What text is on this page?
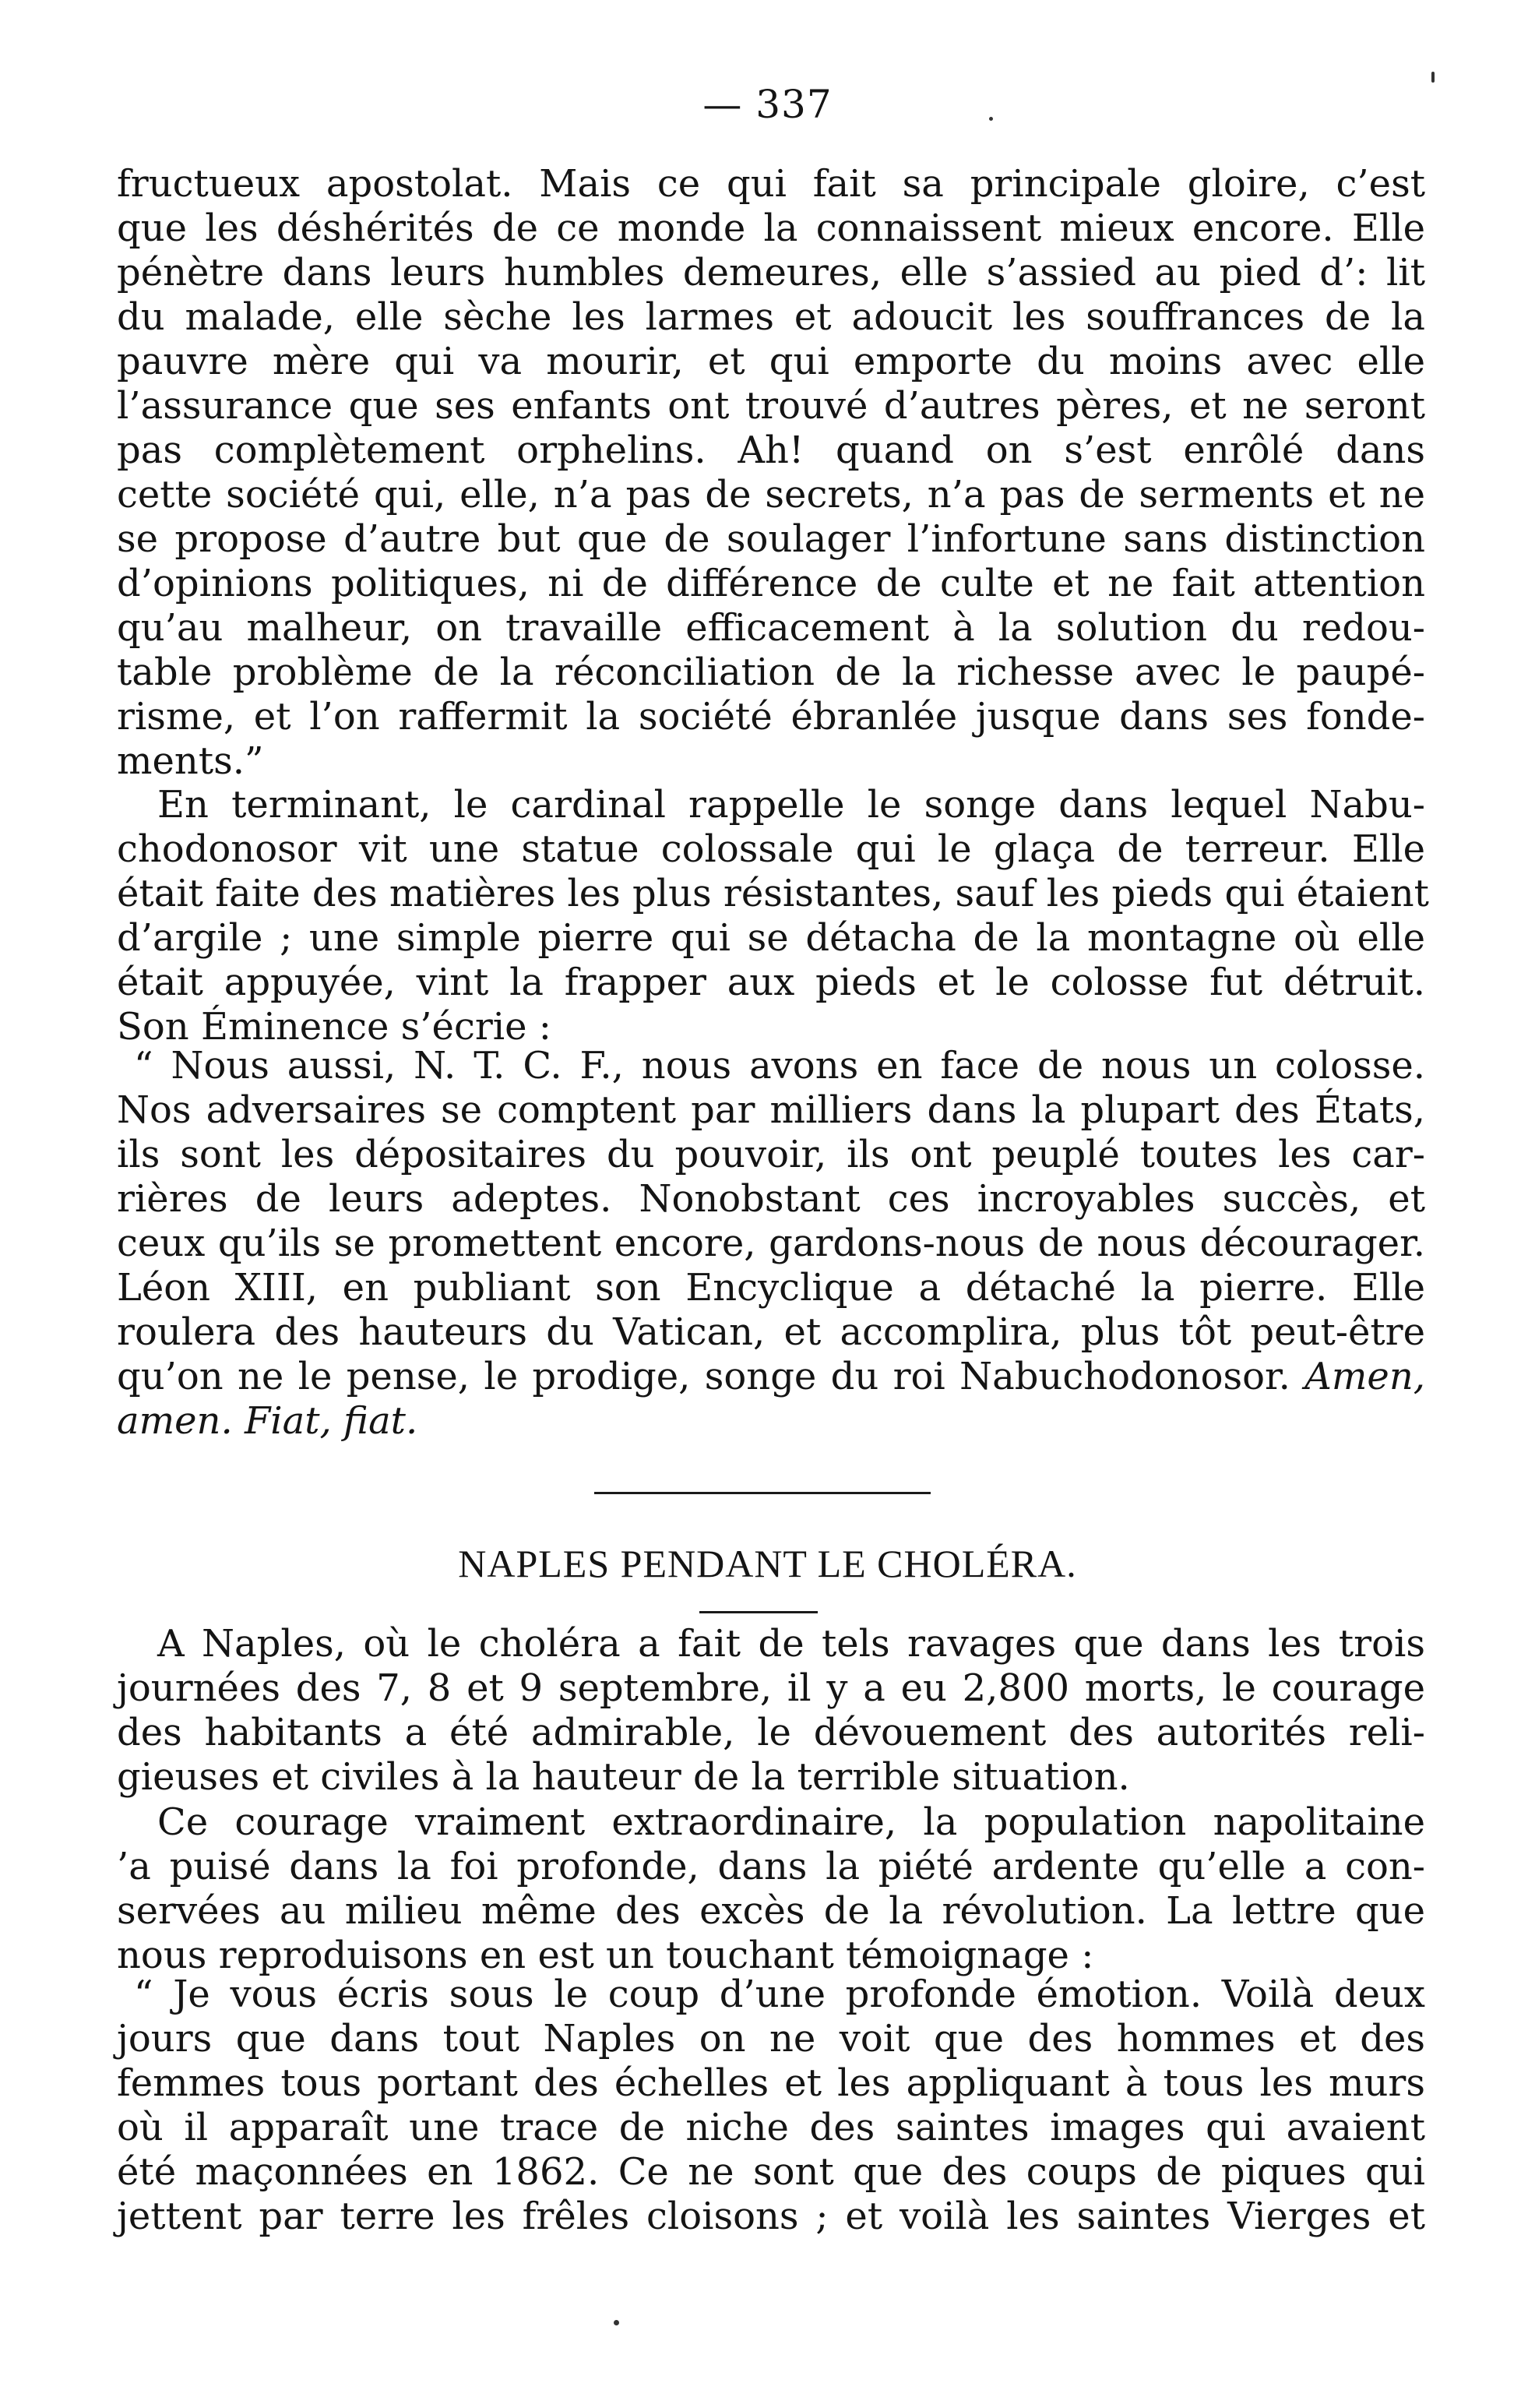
— 337
fructueux apostolat. Mais ce qui fait sa principale gloire, c’est
que les déshérités de ce monde la connaissent mieux encore. Elle
pénètre dans leurs humbles demeures, elle s’assied au pied d’: lit
du malade, elle sèche les larmes et adoucit les souffrances de la
pauvre mère qui va mourir, et qui emporte du moins avec elle
l’assurance que ses enfants ont trouvé d’autres pères, et ne seront
pas complètement orphelins. Ah! quand on s’est enrôlé dans
cette société qui, elle, n’a pas de secrets, n’a pas de serments et ne
se propose d’autre but que de soulager l’infortune sans distinction
d’opinions politiques, ni de différence de culte et ne fait attention
qu’au malheur, on travaille efficacement à la solution du redou-
table problème de la réconciliation de la richesse avec le paupé-
risme, et l’on raffermit la société ébranlée jusque dans ses fonde-
ments.”
En terminant, le cardinal rappelle le songe dans lequel Nabu-
chodonosor vit une statue colossale qui le glaça de terreur. Elle
était faite des matières les plus résistantes, sauf les pieds qui étaient
d’argile ; une simple pierre qui se détacha de la montagne où elle
était appuyée, vint la frapper aux pieds et le colosse fut détruit.
Son Éminence s’écrie :
“ Nous aussi, N. T. C. F., nous avons en face de nous un colosse.
Nos adversaires se comptent par milliers dans la plupart des États,
ils sont les dépositaires du pouvoir, ils ont peuplé toutes les car-
rières de leurs adeptes. Nonobstant ces incroyables succès, et
ceux qu’ils se promettent encore, gardons-nous de nous décourager.
Léon XIII, en publiant son Encyclique a détaché la pierre. Elle
roulera des hauteurs du Vatican, et accomplira, plus tôt peut-être
qu’on ne le pense, le prodige, songe du roi Nabuchodonosor. Amen,
amen. Fiat, fiat.
NAPLES PENDANT LE CHOLÉRA.
A Naples, où le choléra a fait de tels ravages que dans les trois
journées des 7, 8 et 9 septembre, il y a eu 2,800 morts, le courage
des habitants a été admirable, le dévouement des autorités reli-
gieuses et civiles à la hauteur de la terrible situation.
Ce courage vraiment extraordinaire, la population napolitaine
’a puisé dans la foi profonde, dans la piété ardente qu’elle a con-
servées au milieu même des excès de la révolution. La lettre que
nous reproduisons en est un touchant témoignage :
“ Je vous écris sous le coup d’une profonde émotion. Voilà deux
jours que dans tout Naples on ne voit que des hommes et des
femmes tous portant des échelles et les appliquant à tous les murs
où il apparaît une trace de niche des saintes images qui avaient
été maçonnées en 1862. Ce ne sont que des coups de piques qui
jettent par terre les frêles cloisons ; et voilà les saintes Vierges et
